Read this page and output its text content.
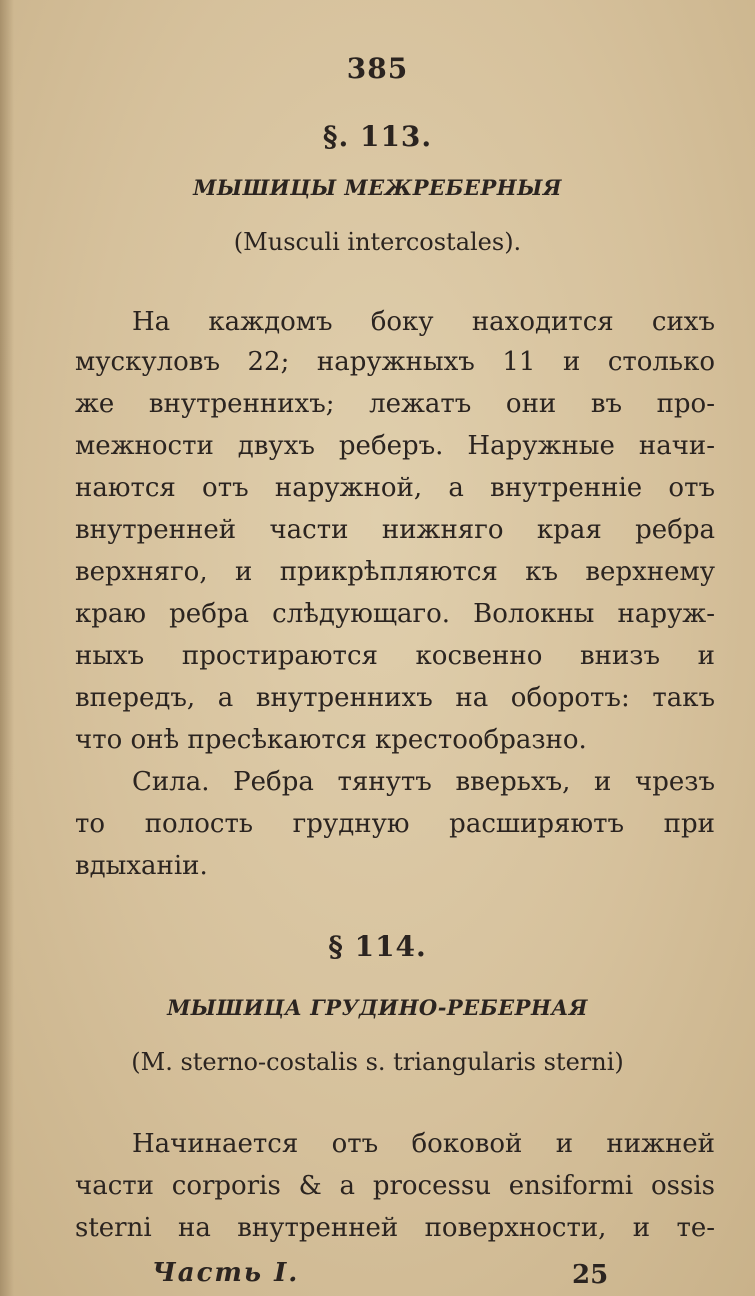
385
§. 113.
МЫШИЦЫ МЕЖРЕБЕРНЫЯ
(Musculi intercostales).
На каждомъ боку находится сихъ
мускуловъ 22; наружныхъ 11 и столько
же внутреннихъ; лежатъ они въ про-
межности двухъ реберъ. Наружные начи-
наются отъ наружной, а внутренніе отъ
внутренней части нижняго края ребра
верхняго, и прикрѣпляются къ верхнему
краю ребра слѣдующаго. Волокны наруж-
ныхъ простираются косвенно внизъ и
впередъ, а внутреннихъ на оборотъ: такъ
что онѣ пресѣкаются крестообразно.
Сила. Ребра тянутъ вверьхъ, и чрезъ
то полость грудную расширяютъ при
вдыханіи.
§ 114.
МЫШИЦА ГРУДИНО-РЕБЕРНАЯ
(M. sterno-costalis s. triangularis sterni)
Начинается отъ боковой и нижней
части corporis & a processu ensiformi ossis
sterni на внутренней поверхности, и те-
Часть I.	25
